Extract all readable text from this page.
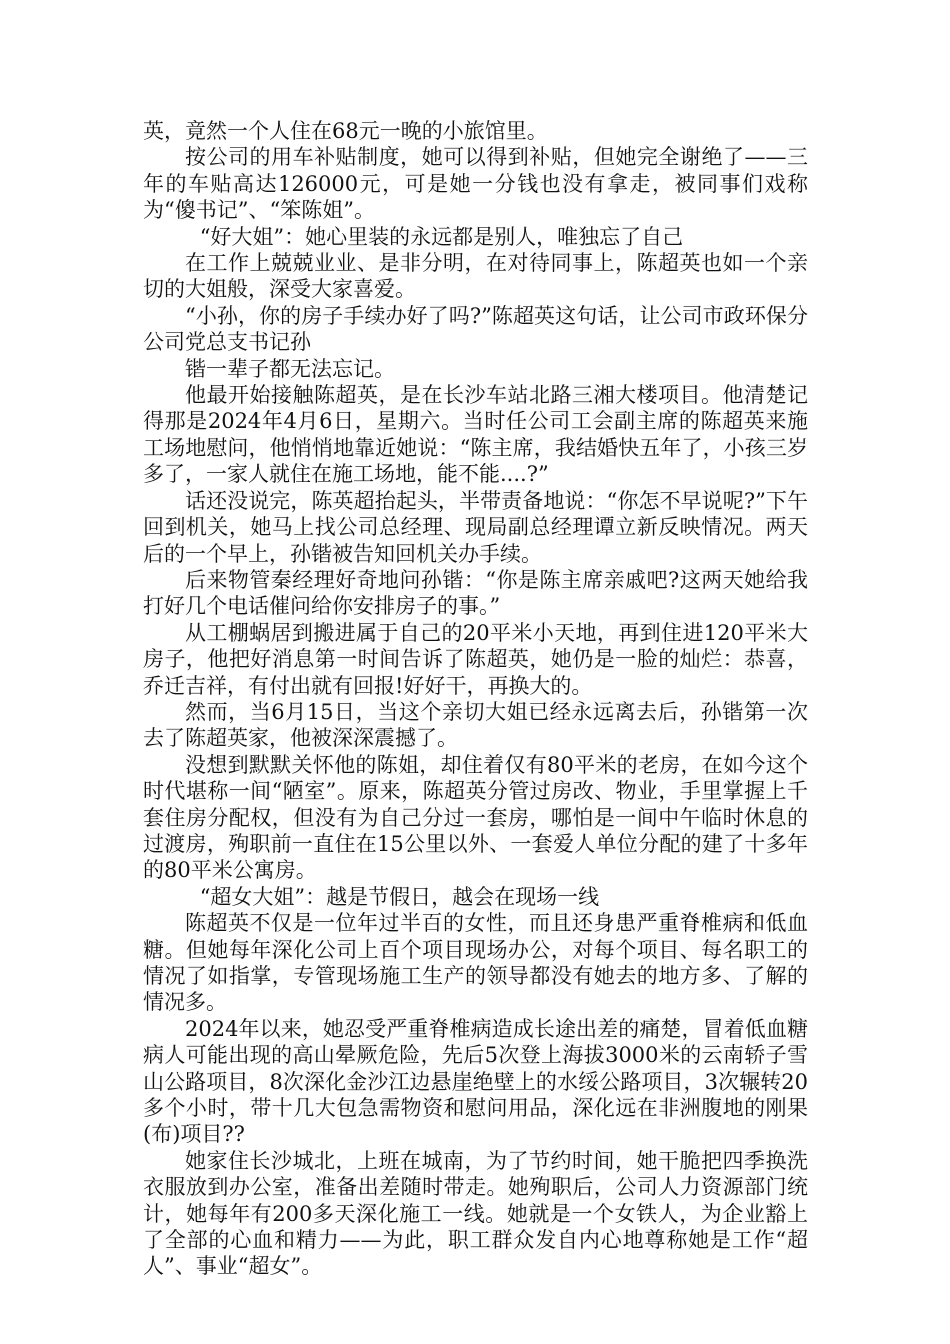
英，竟然一个人住在68元一晚的小旅馆里。

按公司的用车补贴制度，她可以得到补贴，但她完全谢绝了——三年的车贴高达126000元，可是她一分钱也没有拿走，被同事们戏称为“傻书记”、“笨陈姐”。

“好大姐”：她心里装的永远都是别人，唯独忘了自己

在工作上兢兢业业、是非分明，在对待同事上，陈超英也如一个亲切的大姐般，深受大家喜爱。

“小孙，你的房子手续办好了吗?”陈超英这句话，让公司市政环保分公司党总支书记孙

锴一辈子都无法忘记。

他最开始接触陈超英，是在长沙车站北路三湘大楼项目。他清楚记得那是2024年4月6日，星期六。当时任公司工会副主席的陈超英来施工场地慰问，他悄悄地靠近她说：“陈主席，我结婚快五年了，小孩三岁多了，一家人就住在施工场地，能不能....?”

话还没说完，陈英超抬起头，半带责备地说：“你怎不早说呢?”下午回到机关，她马上找公司总经理、现局副总经理谭立新反映情况。两天后的一个早上，孙锴被告知回机关办手续。

后来物管秦经理好奇地问孙锴：“你是陈主席亲戚吧?这两天她给我打好几个电话催问给你安排房子的事。”

从工棚蜗居到搬进属于自己的20平米小天地，再到住进120平米大房子，他把好消息第一时间告诉了陈超英，她仍是一脸的灿烂：恭喜，乔迁吉祥，有付出就有回报!好好干，再换大的。

然而，当6月15日，当这个亲切大姐已经永远离去后，孙锴第一次去了陈超英家，他被深深震撼了。

没想到默默关怀他的陈姐，却住着仅有80平米的老房，在如今这个时代堪称一间“陋室”。原来，陈超英分管过房改、物业，手里掌握上千套住房分配权，但没有为自己分过一套房，哪怕是一间中午临时休息的过渡房，殉职前一直住在15公里以外、一套爱人单位分配的建了十多年的80平米公寓房。

“超女大姐”：越是节假日，越会在现场一线

陈超英不仅是一位年过半百的女性，而且还身患严重脊椎病和低血糖。但她每年深化公司上百个项目现场办公，对每个项目、每名职工的情况了如指掌，专管现场施工生产的领导都没有她去的地方多、了解的情况多。

2024年以来，她忍受严重脊椎病造成长途出差的痛楚，冒着低血糖病人可能出现的高山晕厥危险，先后5次登上海拔3000米的云南轿子雪山公路项目，8次深化金沙江边悬崖绝壁上的水绥公路项目，3次辗转20多个小时，带十几大包急需物资和慰问用品，深化远在非洲腹地的刚果(布)项目??

她家住长沙城北，上班在城南，为了节约时间，她干脆把四季换洗衣服放到办公室，准备出差随时带走。她殉职后，公司人力资源部门统计，她每年有200多天深化施工一线。她就是一个女铁人，为企业豁上了全部的心血和精力——为此，职工群众发自内心地尊称她是工作“超人”、事业“超女”。
